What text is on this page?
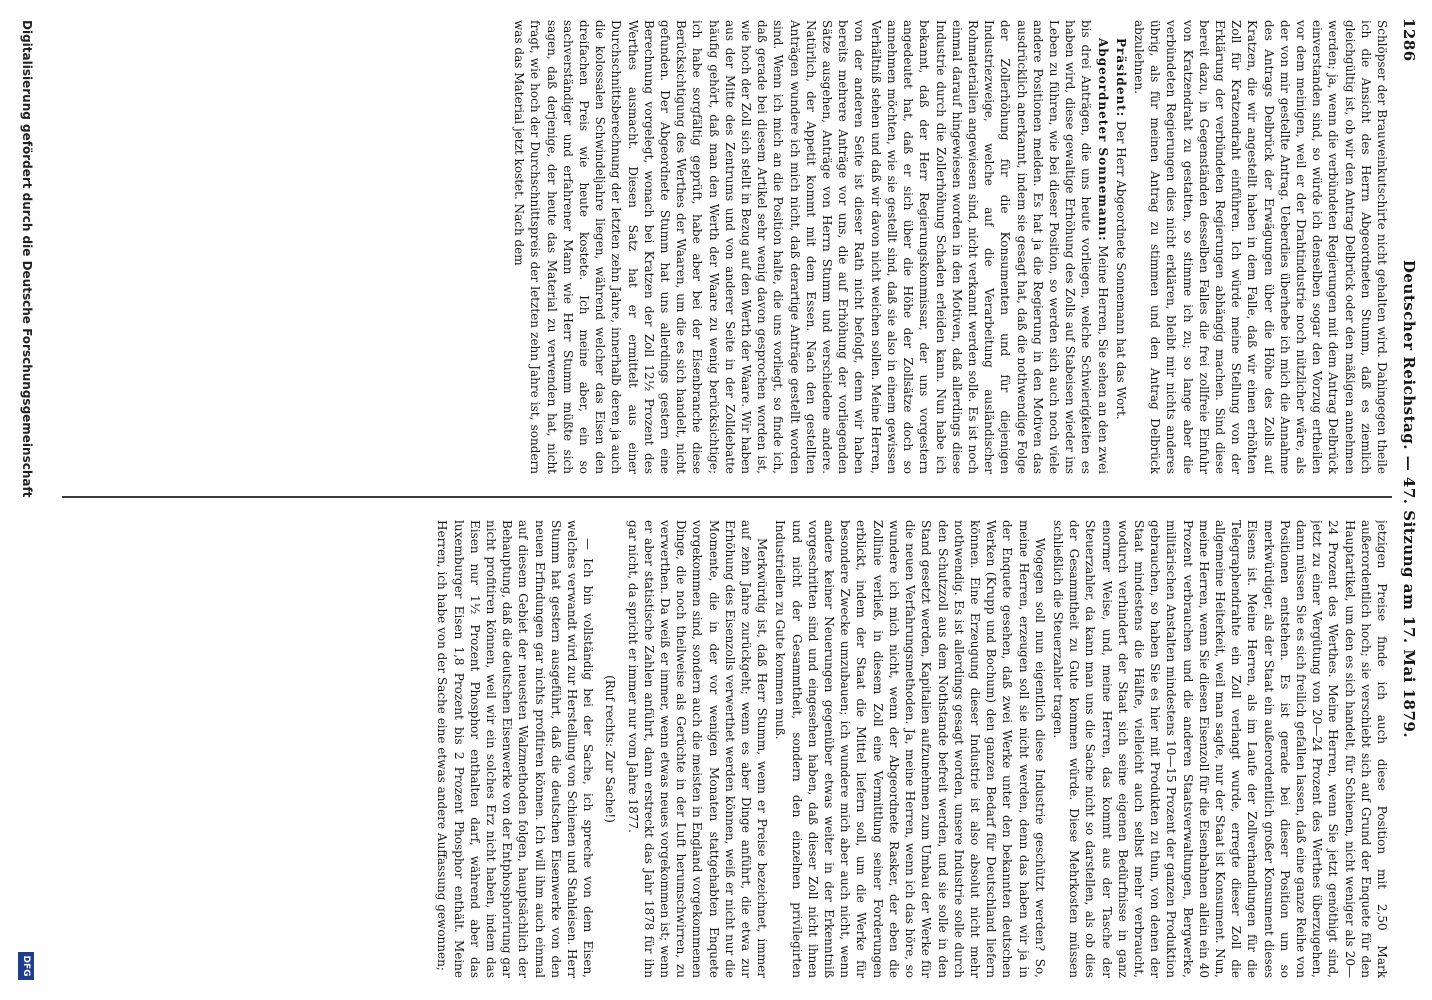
1286
Deutscher Reichstag. — 47. Sitzung am 17. Mai 1879.

Schlöpser der Brauweinkutschirte nicht gehalten wird. Dahingegen theile ich die Ansicht des Herrn Abgeordneten Stumm, daß es ziemlich gleichgültig ist, ob wir den Antrag Delbrück oder den mäßigen annehmen werden; ja, wenn die verbündeten Regierungen mit dem Antrag Delbrück einverstanden sind, so würde ich denselben sogar den Vorzug ertheilen vor dem meinigen, weil er der Drahtindustrie noch nützlicher wäre, als der von mir gestellte Antrag. Ueberdies überhebe ich mich die Annahme des Antrags Delbrück der Erwägungen über die Höhe des Zolls auf Kratzen, die wir angestellt haben in dem Falle, daß wir einen erhöhten Zoll für Kratzendraht einführen. Ich würde meine Stellung von der Erklärung der verbündeten Regierungen abhängig machen. Sind diese bereit dazu, in Gegenständen desselben Falles die frei zollfreie Einfuhr von Kratzendraht zu gestatten, so stimme ich zu; so lange aber die verbündeten Regierungen dies nicht erklären, bleibt mir nichts anderes übrig, als für meinen Antrag zu stimmen und den Antrag Delbrück abzulehnen.

Präsident: Der Herr Abgeordnete Sonnemann hat das Wort.

Abgeordneter Sonnemann: Meine Herren, Sie sehen an den zwei bis drei Anträgen, die uns heute vorliegen, welche Schwierigkeiten es haben wird, diese gewaltige Erhöhung des Zolls auf Stabeisen wieder ins Leben zu führen, wie bei dieser Position, so werden sich auch noch viele andere Positionen melden. Es hat ja die Regierung in den Motiven das ausdrücklich anerkannt, indem sie gesagt hat, daß die nothwendige Folge der Zollerhöhung für die Konsumenten und für diejenigen Industriezweige, welche auf die Verarbeitung ausländischer Rohmaterialien angewiesen sind, nicht verkannt werden solle. Es ist noch einmal darauf hingewiesen worden in den Motiven, daß allerdings diese Industrie durch die Zollerhöhung Schaden erleiden kann. Nun habe ich bekannt, daß der Herr Regierungskommissar, der uns vorgestern angedeutet hat, daß er sich über die Höhe der Zollsätze doch so annehmen möchten, wie sie gestellt sind, daß sie also in einem gewissen Verhältniß stehen und daß wir davon nicht weichen sollen. Meine Herren, von der anderen Seite ist dieser Rath nicht befolgt, denn wir haben bereits mehrere Anträge vor uns, die auf Erhöhung der vorliegenden Sätze ausgehen, Anträge von Herrn Stumm und verschiedene andere. Natürlich, der Appetit kommt mit dem Essen. Nach den gestellten Anträgen wundere ich mich nicht, daß derartige Anträge gestellt worden sind. Wenn ich mich an die Position halte, die uns vorliegt, so finde ich, daß gerade bei diesem Artikel sehr wenig davon gesprochen worden ist, wie hoch der Zoll sich stellt in Bezug auf den Werth der Waare. Wir haben aus der Mitte des Zentrums und von anderer Seite in der Zolldebatte häufig gehört, daß man den Werth der Waare zu wenig berücksichtige; ich habe sorgfältig geprüft, habe aber bei der Eisenbranche diese Berücksichtigung des Werthes der Waaren, um die es sich handelt, nicht gefunden. Der Abgeordnete Stumm hat uns allerdings gestern eine Berechnung vorgelegt, wonach bei Kratzen der Zoll 12½ Prozent des Werthes ausmacht. Diesen Satz hat er ermittelt aus einer Durchschnittsberechnung der letzten zehn Jahre, innerhalb deren ja auch die kolossalen Schwindeljahre liegen, während welcher das Eisen den dreifachen Preis wie heute kostete. Ich meine aber, ein so sachverständiger und erfahrener Mann wie Herr Stumm müßte sich sagen, daß derjenige, der heute das Material zu verwenden hat, nicht fragt, wie hoch der Durchschnittspreis der letzten zehn Jahre ist, sondern was das Material jetzt kostet. Nach dem

jetzigen Preise finde ich auch diese Position mit 2,50 Mark außerordentlich hoch; sie verschiebt sich auf Grund der Enquete für den Hauptartikel, um den es sich handelt, für Schienen, nicht weniger als 20—24 Prozent des Werthes. Meine Herren, wenn Sie jetzt genöthigt sind, jetzt zu einer Vergütung von 20—24 Prozent des Werthes überzugehen, dann müssen Sie es sich freilich gefallen lassen, daß eine ganze Reihe von Positionen entstehen. Es ist gerade bei dieser Position um so merkwürdiger, als der Staat ein außerordentlich großer Konsument dieses Eisens ist. Meine Herren, als im Laufe der Zollverhandlungen für die Telegraphendrahte ein Zoll verlangt wurde, erregte dieser Zoll die allgemeine Heiterkeit, weil man sagte, nur der Staat ist Konsument. Nun, meine Herren, wenn Sie diesen Eisenzoll für die Eisenbahnen allein ein 40 Prozent verbrauchen und die anderen Staatsverwaltungen, Bergwerke, militärischen Anstalten mindestens 10—15 Prozent der ganzen Produktion gebrauchen, so haben Sie es hier mit Produkten zu thun, von denen der Staat mindestens die Hälfte, vielleicht auch selbst mehr verbraucht, wodurch verhindert der Staat sich seine eigenen Bedürfnisse in ganz enormer Weise, und, meine Herren, das kommt aus der Tasche der Steuerzahler, da kann man uns die Sache nicht so darstellen, als ob dies der Gesammtheit zu Gute kommen würde. Diese Mehrkosten müssen schließlich die Steuerzahler tragen.

Wogegen soll nun eigentlich diese Industrie geschützt werden? So, meine Herren, erzeugen soll sie nicht werden, denn das haben wir ja in der Enquete gesehen, daß zwei Werke unter den bekannten deutschen Werken (Krupp und Bochum) den ganzen Bedarf für Deutschland liefern können. Eine Erzeugung dieser Industrie ist also absolut nicht mehr nothwendig. Es ist allerdings gesagt worden, unsere Industrie solle durch den Schutzzoll aus dem Nothstande befreit werden, und sie solle in den Stand gesetzt werden, Kapitalien aufzunehmen zum Umbau der Werke für die neuen Verfahrungsmethoden. Ja, meine Herren, wenn ich das höre, so wundere ich mich nicht, wenn der Abgeordnete Rasker, der eben die Zollinie verließ, in diesem Zoll eine Vermittlung seiner Forderungen erblickt, indem der Staat die Mittel liefern soll, um die Werke für besondere Zwecke umzubauen; ich wundere mich aber auch nicht, wenn andere keiner Neuerungen gegenüber etwas weiter in der Erkenntniß vorgeschritten sind und eingesehen haben, daß dieser Zoll nicht ihnen und nicht der Gesammtheit, sondern den einzelnen privilegirten Industriellen zu Gute kommen muß.

Merkwürdig ist, daß Herr Stumm, wenn er Preise bezeichnet, immer auf zehn Jahre zurückgeht; wenn es aber Dinge anführt, die etwa zur Erhöhung des Eisenzolls verwerthet werden können, weiß er nicht nur die Momente, die in der vor wenigen Monaten stattgehabten Enquete vorgekommen sind, sondern auch die meisten in England vorgekommenen Dinge, die noch theilweise als Gerüchte in der Luft herumschwirren, zu verwerthen. Da weiß er immer, wenn etwas neues vorgekommen ist; wenn er aber statistische Zahlen anführt, dann erstreckt das Jahr 1878 für ihn gar nicht, da spricht er immer nur vom Jahre 1877.

(Ruf rechts: Zur Sache!)

— Ich bin vollständig bei der Sache, ich spreche von dem Eisen, welches verwandt wird zur Herstellung von Schienen und Stahleisen. Herr Stumm hat gestern ausgeführt, daß die deutschen Eisenwerke von den neuen Erfindungen gar nichts profitiren können. Ich will ihm auch einmal auf diesem Gebiet der neuesten Walzmethoden folgen, hauptsächlich der Behauptung, daß die deutschen Eisenwerke von der Entphosphorirung gar nicht profitiren können, weil wir ein solches Erz nicht haben, indem das Eisen nur 1½ Prozent Phosphor enthalten darf, während aber das luxemburger Eisen 1,8 Prozent bis 2 Prozent Phosphor enthält. Meine Herren, ich habe von der Sache eine etwas andere Auffassung gewonnen;

Digitalisierung gefördert durch die Deutsche Forschungsgemeinschaft
DFG
